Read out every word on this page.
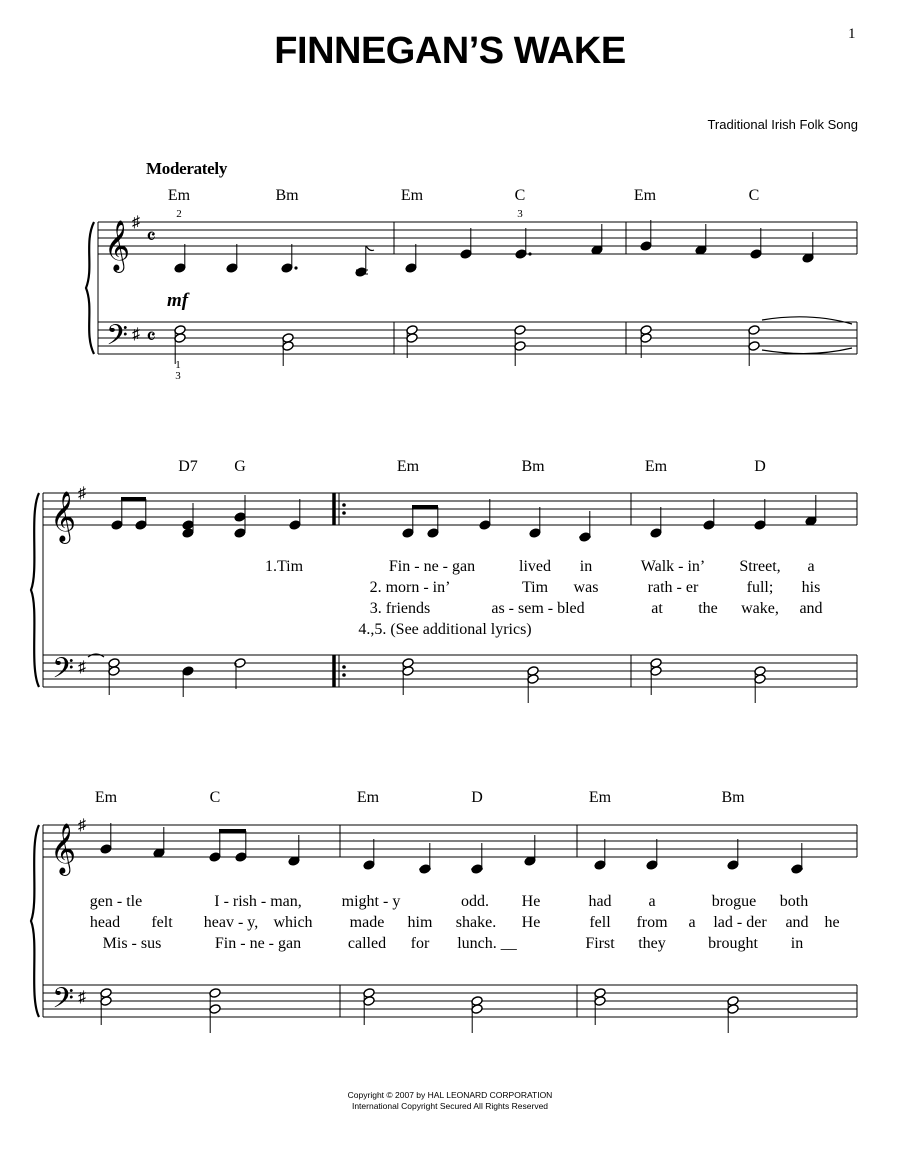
1
FINNEGAN’S WAKE
Traditional Irish Folk Song
Moderately
𝄞
𝄢
♯
♯
𝄴
𝄴
𝄞
𝄢
♯
♯
𝄞
𝄢
♯
♯
mf
Em	Bm	Em	C	Em	C
2	3
1
3
D7 G	Em	Bm	Em	D
1.Tim	Fin - ne - gan	lived in	Walk - in’ Street, a
2. morn - in’	Tim was	rath - er	full; his
3. friends	as - sem - bled	at the wake, and
4.,5. (See additional lyrics)
Em	C	Em	D	Em	Bm
gen - tle	I - rish - man, might - y	odd. He	had a	brogue both
head felt heav - y, which made him shake. He	fell from a lad - der and he
Mis - sus	Fin - ne - gan	called for lunch. __	First they	brought in
Copyright © 2007 by HAL LEONARD CORPORATION
International Copyright Secured All Rights Reserved
